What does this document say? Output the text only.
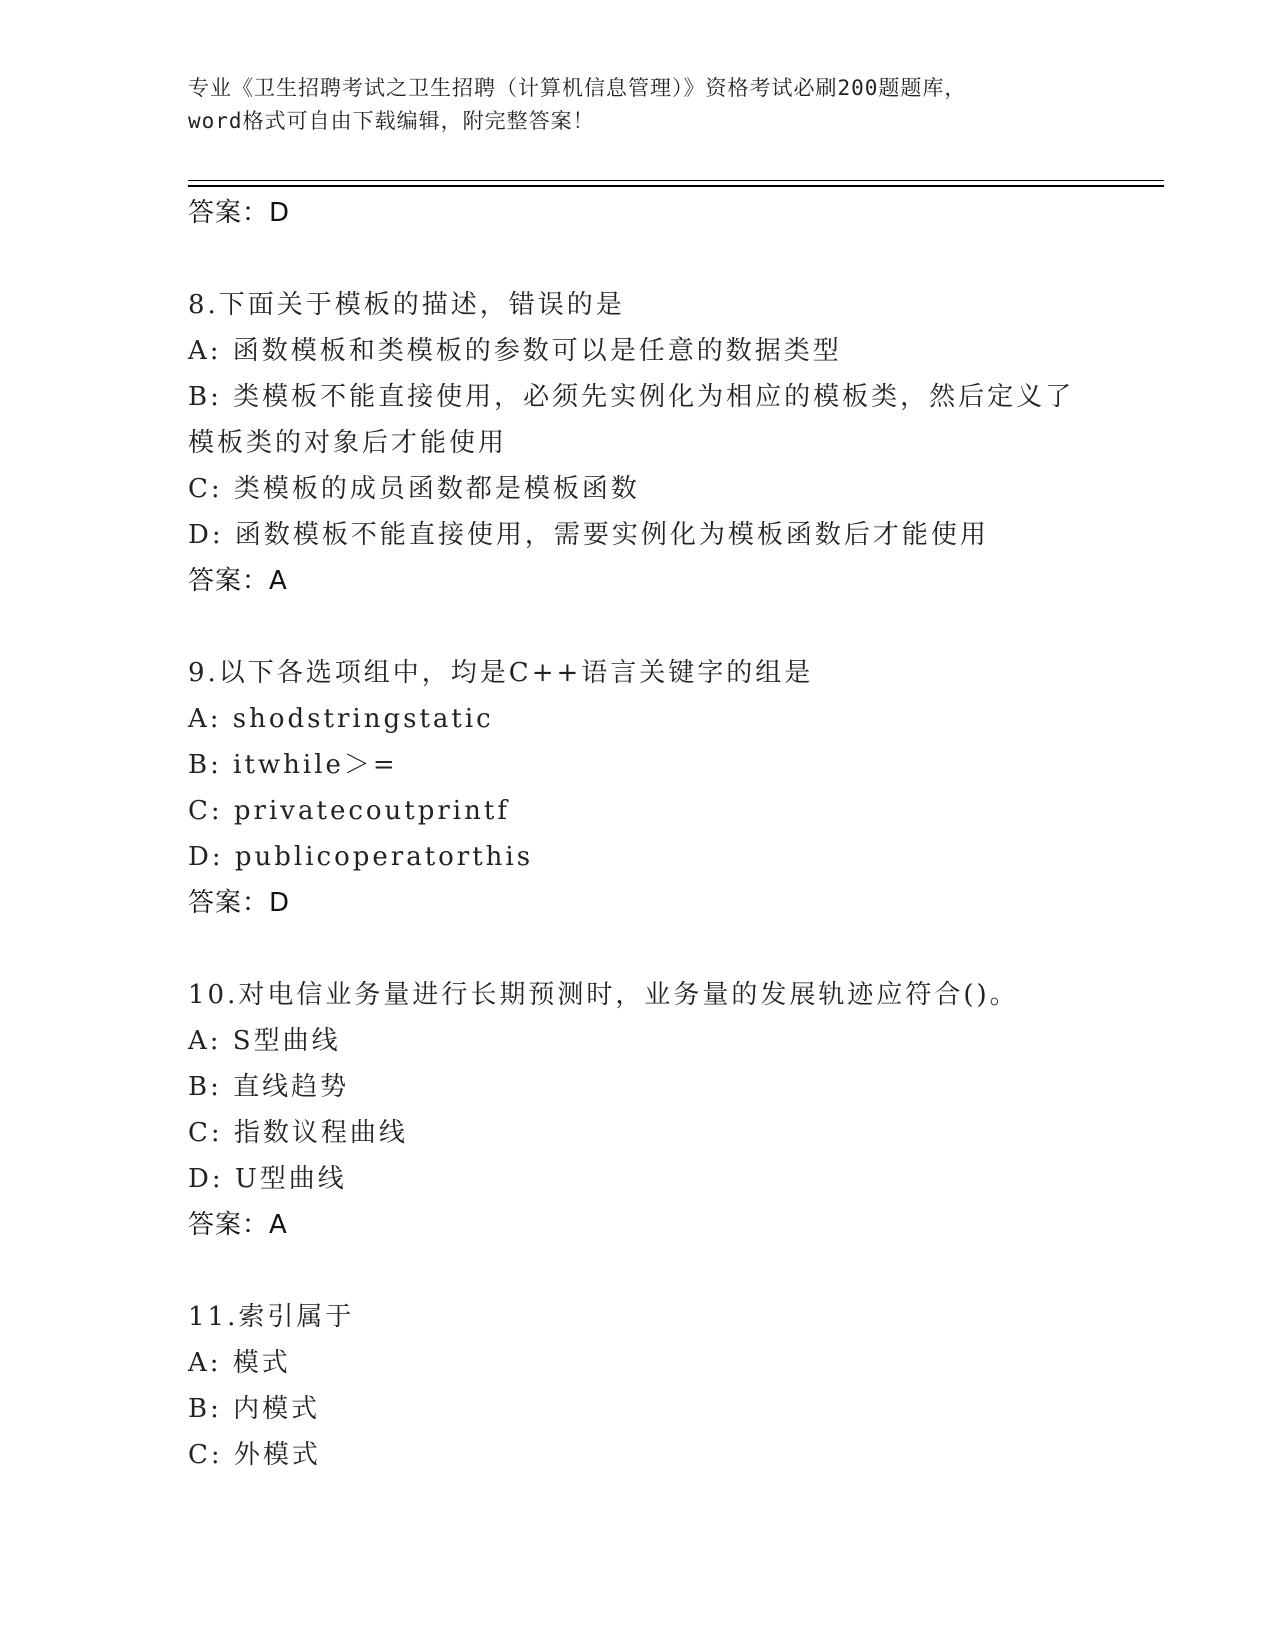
专业《卫生招聘考试之卫生招聘（计算机信息管理）》资格考试必刷200题题库，
word格式可自由下载编辑，附完整答案！
答案：D
8.下面关于模板的描述，错误的是
A: 函数模板和类模板的参数可以是任意的数据类型
B: 类模板不能直接使用，必须先实例化为相应的模板类，然后定义了
模板类的对象后才能使用
C: 类模板的成员函数都是模板函数
D: 函数模板不能直接使用，需要实例化为模板函数后才能使用
答案：A
9.以下各选项组中，均是C++语言关键字的组是
A: shodstringstatic
B: itwhile＞=
C: privatecoutprintf
D: publicoperatorthis
答案：D
10.对电信业务量进行长期预测时，业务量的发展轨迹应符合()。
A: S型曲线
B: 直线趋势
C: 指数议程曲线
D: U型曲线
答案：A
11.索引属于
A: 模式
B: 内模式
C: 外模式
